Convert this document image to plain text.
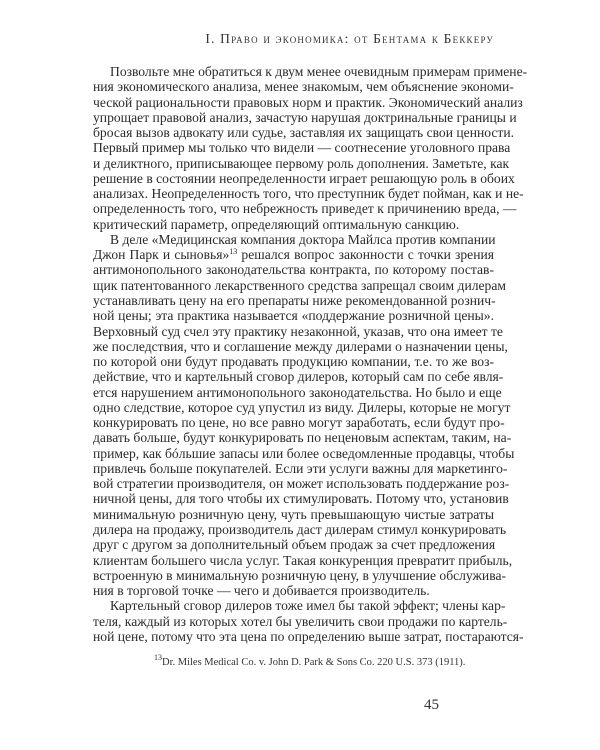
I. Право и экономика: от Бентама к Беккеру
Позвольте мне обратиться к двум менее очевидным примерам примене-
ния экономического анализа, менее знакомым, чем объяснение экономи-
ческой рациональности правовых норм и практик. Экономический анализ
упрощает правовой анализ, зачастую нарушая доктринальные границы и
бросая вызов адвокату или судье, заставляя их защищать свои ценности.
Первый пример мы только что видели — соотнесение уголовного права
и деликтного, приписывающее первому роль дополнения. Заметьте, как
решение в состоянии неопределенности играет решающую роль в обоих
анализах. Неопределенность того, что преступник будет пойман, как и не-
определенность того, что небрежность приведет к причинению вреда, —
критический параметр, определяющий оптимальную санкцию.
В деле «Медицинская компания доктора Майлса против компании
Джон Парк и сыновья»$^{13}$ решался вопрос законности с точки зрения
антимонопольного законодательства контракта, по которому постав-
щик патентованного лекарственного средства запрещал своим дилерам
устанавливать цену на его препараты ниже рекомендованной рознич-
ной цены; эта практика называется «поддержание розничной цены».
Верховный суд счел эту практику незаконной, указав, что она имеет те
же последствия, что и соглашение между дилерами о назначении цены,
по которой они будут продавать продукцию компании, т.е. то же воз-
действие, что и картельный сговор дилеров, который сам по себе явля-
ется нарушением антимонопольного законодательства. Но было и еще
одно следствие, которое суд упустил из виду. Дилеры, которые не могут
конкурировать по цене, но все равно могут заработать, если будут про-
давать больше, будут конкурировать по неценовым аспектам, таким, на-
пример, как бóльшие запасы или более осведомленные продавцы, чтобы
привлечь больше покупателей. Если эти услуги важны для маркетинго-
вой стратегии производителя, он может использовать поддержание роз-
ничной цены, для того чтобы их стимулировать. Потому что, установив
минимальную розничную цену, чуть превышающую чистые затраты
дилера на продажу, производитель даст дилерам стимул конкурировать
друг с другом за дополнительный объем продаж за счет предложения
клиентам большего числа услуг. Такая конкуренция превратит прибыль,
встроенную в минимальную розничную цену, в улучшение обслужива-
ния в торговой точке — чего и добивается производитель.
Картельный сговор дилеров тоже имел бы такой эффект; члены кар-
теля, каждый из которых хотел бы увеличить свои продажи по картель-
ной цене, потому что эта цена по определению выше затрат, постараются-
$^{13}$Dr. Miles Medical Co. v. John D. Park & Sons Co. 220 U.S. 373 (1911).
45
